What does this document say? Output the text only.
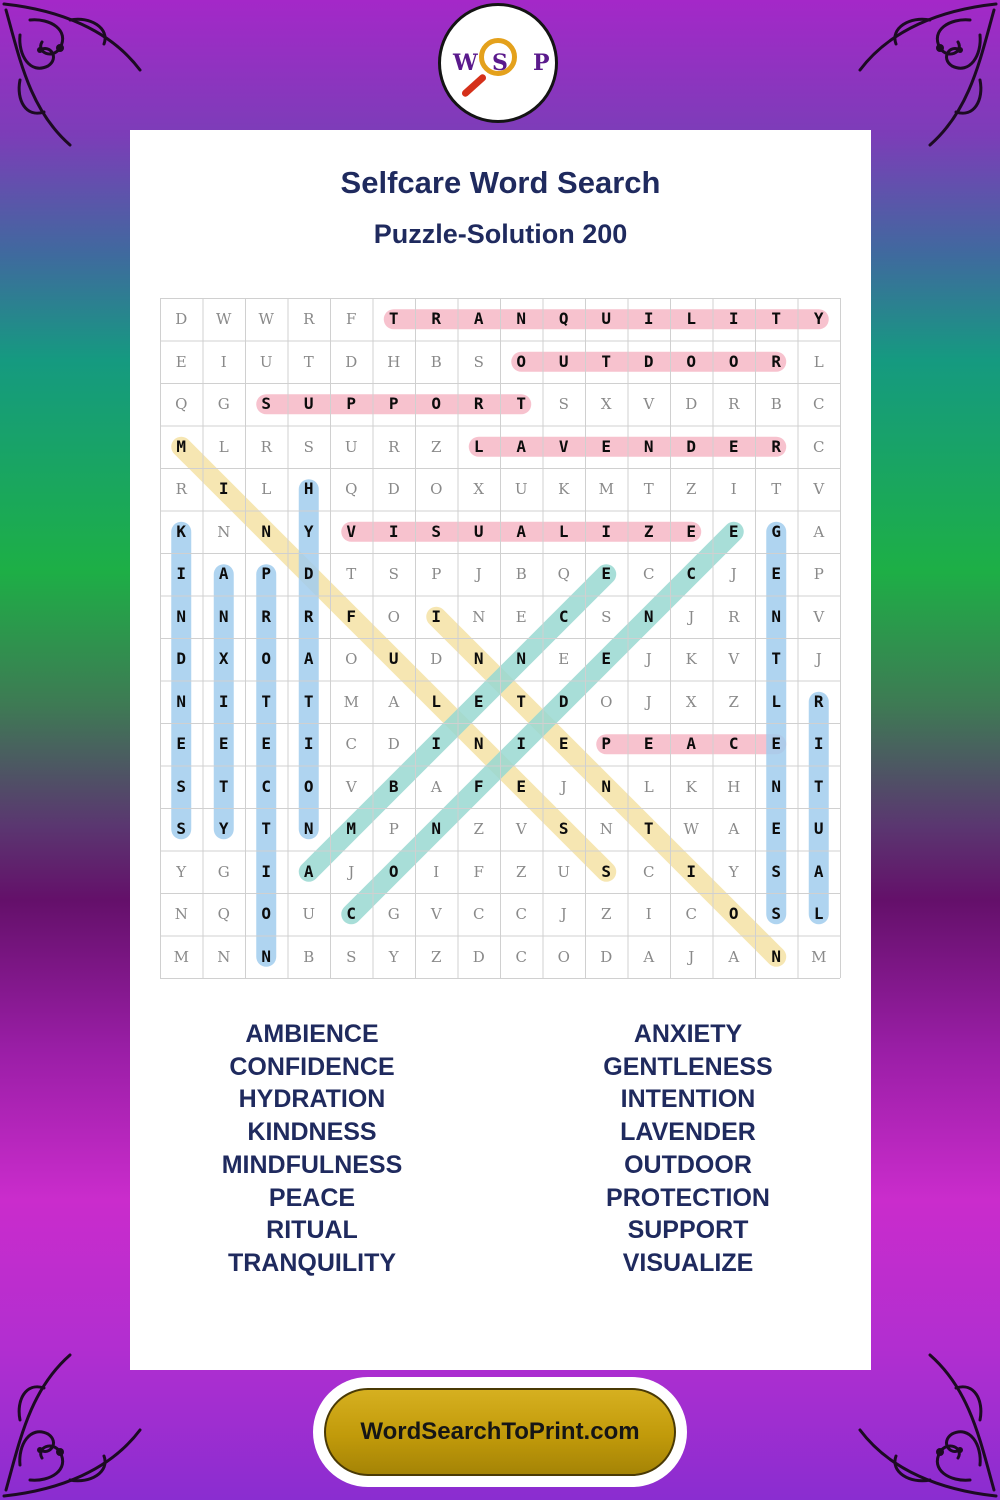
W S P
Selfcare Word Search
Puzzle-Solution 200
D	W	W	R	F	T	R	A	N	Q	U	I	L	I	T	Y
E	I	U	T	D	H	B	S	O	U	T	D	O	O	R	L
Q	G	S	U	P	P	O	R	T	S	X	V	D	R	B	C
M	L	R	S	U	R	Z	L	A	V	E	N	D	E	R	C
R	I	L	H	Q	D	O	X	U	K	M	T	Z	I	T	V
K	N	N	Y	V	I	S	U	A	L	I	Z	E	E	G	A
I	A	P	D	T	S	P	J	B	Q	E	C	C	J	E	P
N	N	R	R	F	O	I	N	E	C	S	N	J	R	N	V
D	X	O	A	O	U	D	N	N	E	E	J	K	V	T	J
N	I	T	T	M	A	L	E	T	D	O	J	X	Z	L	R
E	E	E	I	C	D	I	N	I	E	P	E	A	C	E	I
S	T	C	O	V	B	A	F	E	J	N	L	K	H	N	T
S	Y	T	N	M	P	N	Z	V	S	N	T	W	A	E	U
Y	G	I	A	J	O	I	F	Z	U	S	C	I	Y	S	A
N	Q	O	U	C	G	V	C	C	J	Z	I	C	O	S	L
M	N	N	B	S	Y	Z	D	C	O	D	A	J	A	N	M
AMBIENCE
CONFIDENCE
HYDRATION
KINDNESS
MINDFULNESS
PEACE
RITUAL
TRANQUILITY
ANXIETY
GENTLENESS
INTENTION
LAVENDER
OUTDOOR
PROTECTION
SUPPORT
VISUALIZE
WordSearchToPrint.com
